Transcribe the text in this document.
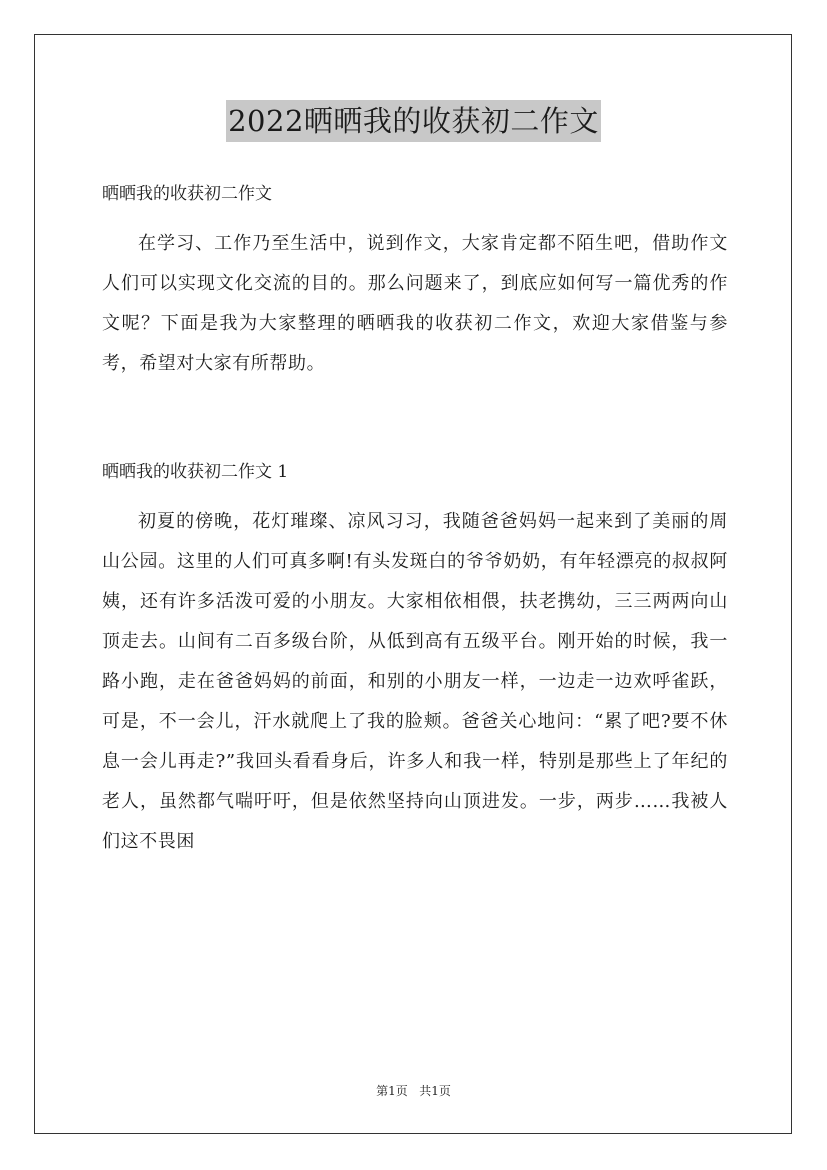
2022晒晒我的收获初二作文

晒晒我的收获初二作文

在学习、工作乃至生活中，说到作文，大家肯定都不陌生吧，借助作文人们可以实现文化交流的目的。那么问题来了，到底应如何写一篇优秀的作文呢？下面是我为大家整理的晒晒我的收获初二作文，欢迎大家借鉴与参考，希望对大家有所帮助。

晒晒我的收获初二作文 1

初夏的傍晚，花灯璀璨、凉风习习，我随爸爸妈妈一起来到了美丽的周山公园。这里的人们可真多啊!有头发斑白的爷爷奶奶，有年轻漂亮的叔叔阿姨，还有许多活泼可爱的小朋友。大家相依相偎，扶老携幼，三三两两向山顶走去。山间有二百多级台阶，从低到高有五级平台。刚开始的时候，我一路小跑，走在爸爸妈妈的前面，和别的小朋友一样，一边走一边欢呼雀跃，可是，不一会儿，汗水就爬上了我的脸颊。爸爸关心地问：“累了吧?要不休息一会儿再走?”我回头看看身后，许多人和我一样，特别是那些上了年纪的老人，虽然都气喘吁吁，但是依然坚持向山顶进发。一步，两步……我被人们这不畏困

第1页 共1页
